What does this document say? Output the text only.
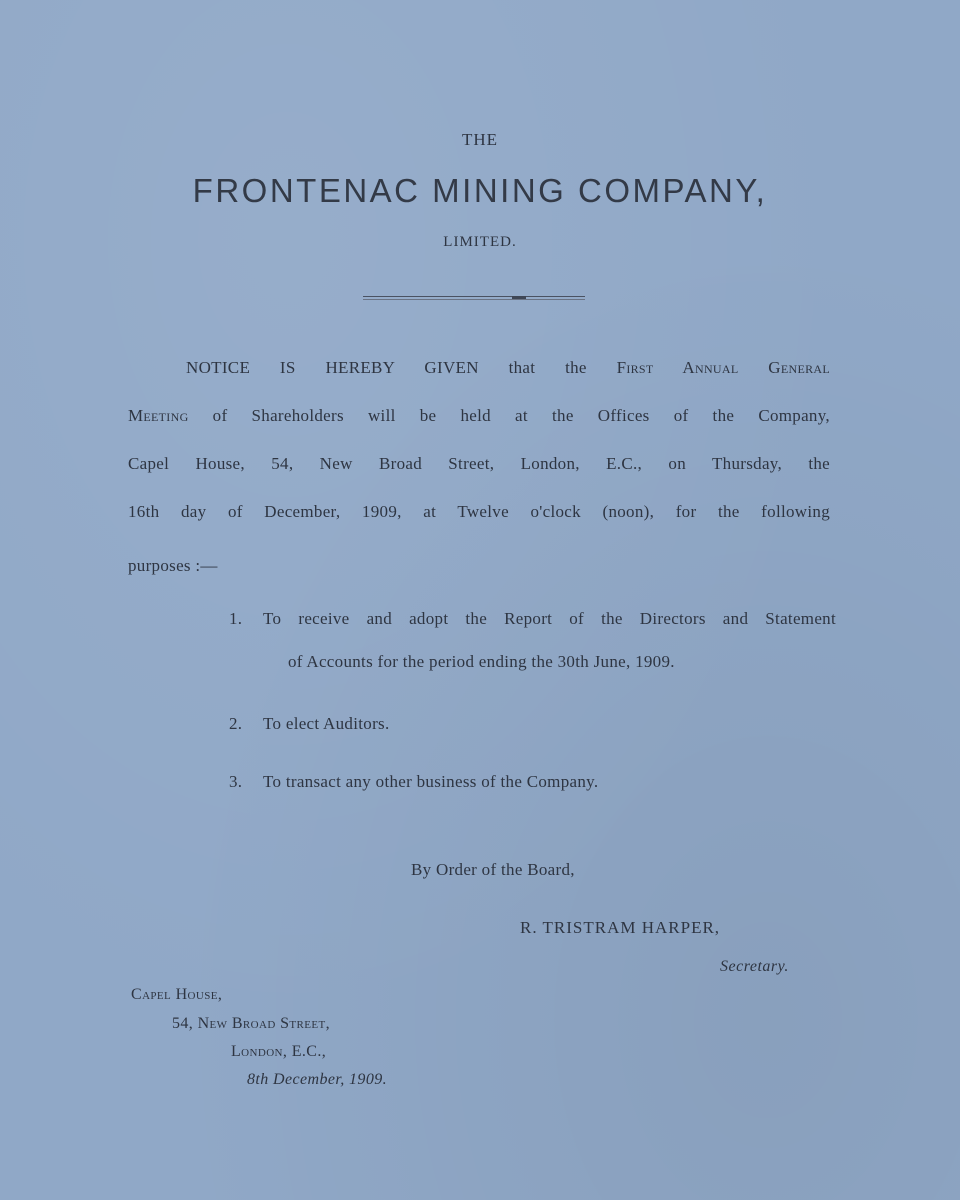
THE
FRONTENAC MINING COMPANY,
LIMITED.
NOTICE IS HEREBY GIVEN that the First Annual General
Meeting of Shareholders will be held at the Offices of the Company,
Capel House, 54, New Broad Street, London, E.C., on Thursday, the
16th day of December, 1909, at Twelve o'clock (noon), for the following
purposes :—
1. To receive and adopt the Report of the Directors and Statement
of Accounts for the period ending the 30th June, 1909.
2. To elect Auditors.
3. To transact any other business of the Company.
By Order of the Board,
R. TRISTRAM HARPER,
Secretary.
Capel House,
54, New Broad Street,
London, E.C.,
8th December, 1909.
